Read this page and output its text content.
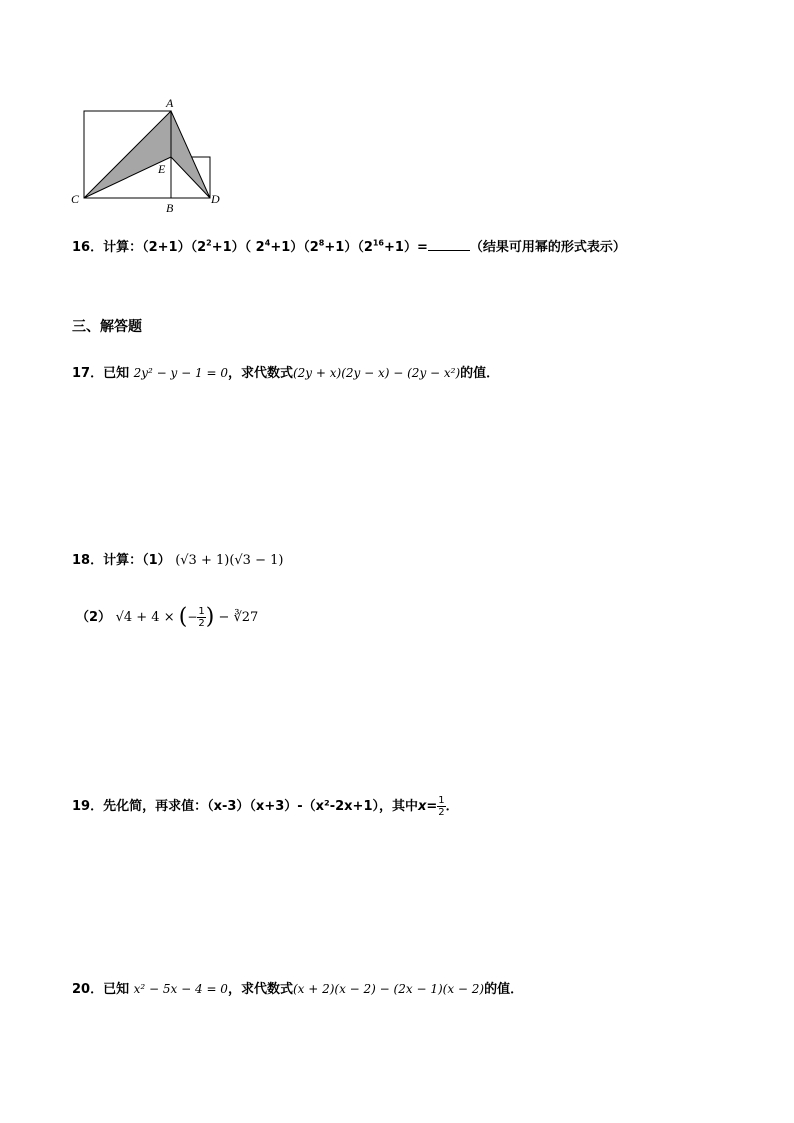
A
E
C
B
D
16．计算：$(2+1)(2^2+1)$（ $2^4+1)(2^8+1)(2^{16}+1)=$	（结果可用幂的形式表示）
三、解答题
17．已知 2y² − y − 1 = 0，求代数式(2y + x)(2y − x) − (2y − x²)的值．
18．计算：（1） (√3 + 1)(√3 − 1)
（2） √4 + 4 × (− $\frac{1}{2}$ ) − ∛27
19．先化简，再求值：（x-3）（x+3）-（x²-2x+1），其中$x= \frac{1}{2}$ ．
20．已知 x² − 5x − 4 = 0，求代数式(x + 2)(x − 2) − (2x − 1)(x − 2)的值．
